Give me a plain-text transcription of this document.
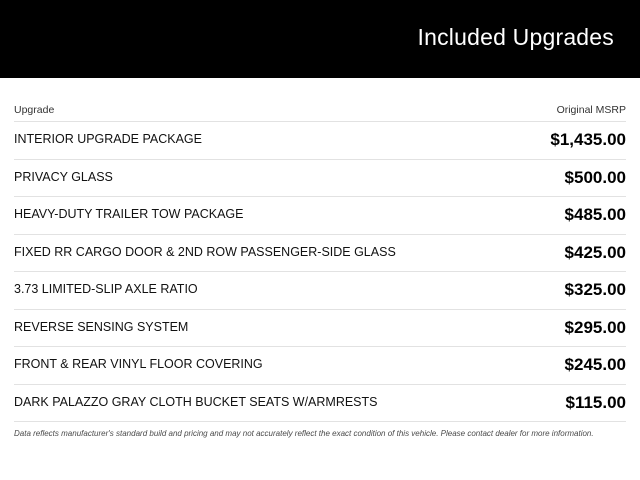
Included Upgrades
Upgrade	Original MSRP
INTERIOR UPGRADE PACKAGE	$1,435.00
PRIVACY GLASS	$500.00
HEAVY-DUTY TRAILER TOW PACKAGE	$485.00
FIXED RR CARGO DOOR & 2ND ROW PASSENGER-SIDE GLASS	$425.00
3.73 LIMITED-SLIP AXLE RATIO	$325.00
REVERSE SENSING SYSTEM	$295.00
FRONT & REAR VINYL FLOOR COVERING	$245.00
DARK PALAZZO GRAY CLOTH BUCKET SEATS W/ARMRESTS	$115.00
Data reflects manufacturer's standard build and pricing and may not accurately reflect the exact condition of this vehicle. Please contact dealer for more information.
